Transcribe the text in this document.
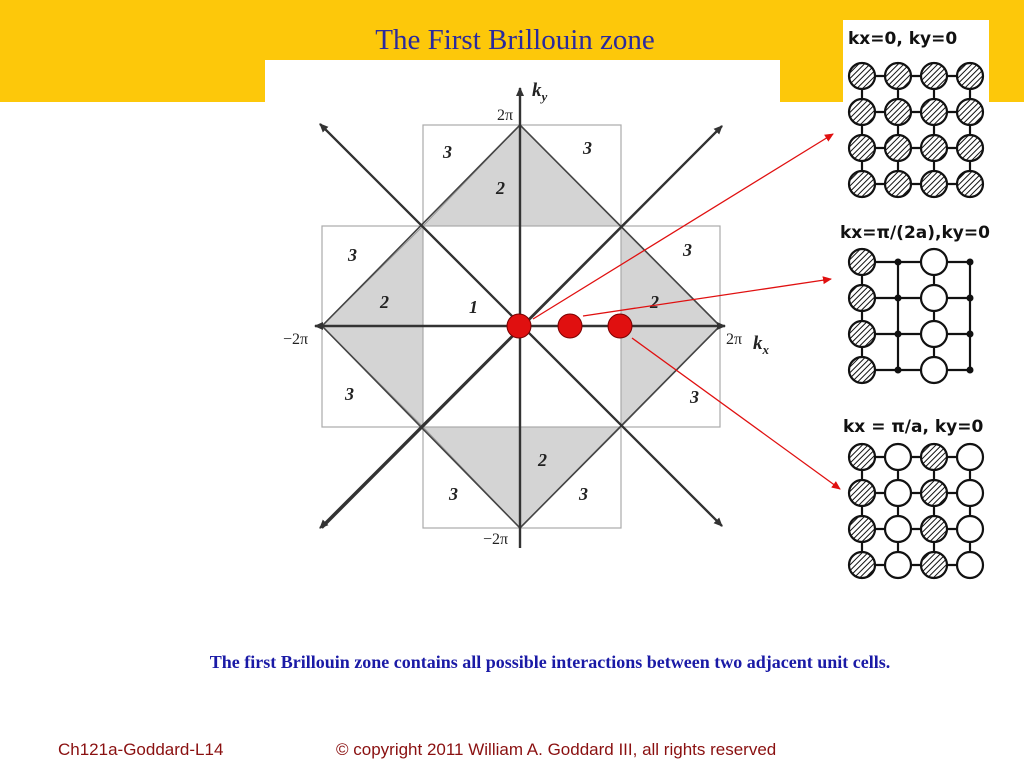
The First Brillouin zone
2π
−2π
2π
−2π
$k_x$
$k_y$
1
2
2	2
2
3	3
3	3
3	3
3	3
kx=0, ky=0
kx=π/(2a),ky=0
kx = π/a, ky=0
The first Brillouin zone contains all possible interactions between two adjacent unit cells.
Ch121a-Goddard-L14	© copyright 2011 William A. Goddard III, all rights reserved
